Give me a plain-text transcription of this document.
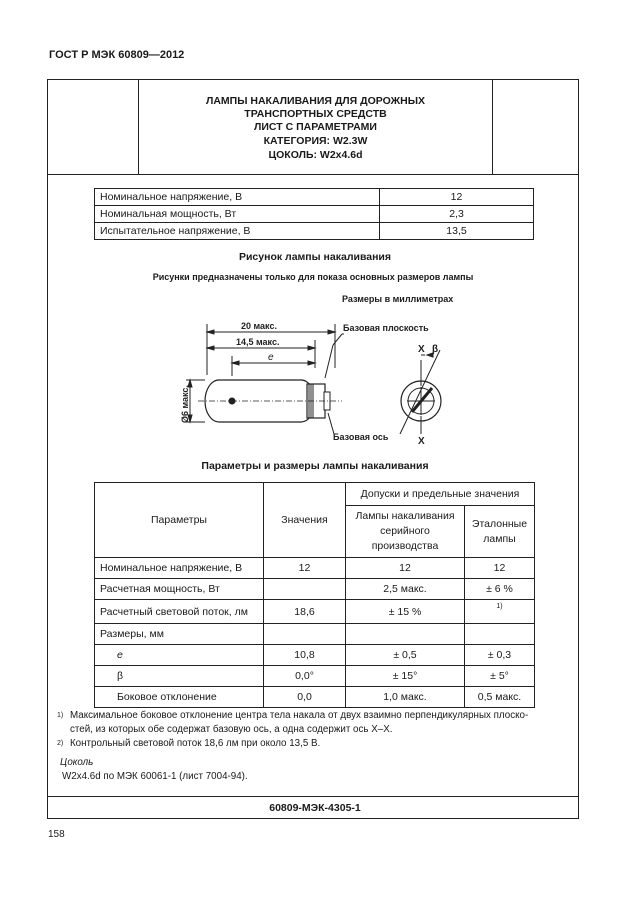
ГОСТ Р МЭК 60809—2012
ЛАМПЫ НАКАЛИВАНИЯ ДЛЯ ДОРОЖНЫХ
ТРАНСПОРТНЫХ СРЕДСТВ
ЛИСТ С ПАРАМЕТРАМИ
КАТЕГОРИЯ: W2.3W
ЦОКОЛЬ: W2x4.6d
Номинальное напряжение, В	12
Номинальная мощность, Вт	2,3
Испытательное напряжение, В	13,5
Рисунок лампы накаливания
Рисунки предназначены только для показа основных размеров лампы
Размеры в миллиметрах
20 макс.
14,5 макс.
e
Ø6 макс.
Базовая плоскость
Базовая ось
X
X
β
Параметры и размеры лампы накаливания
Параметры	Значения	Допуски и предельные значения	
		Лампы накаливания серийного производства	Эталонные лампы
Номинальное напряжение, В	12	12	12
Расчетная мощность, Вт		2,5 макс.	± 6 %
Расчетный световой поток, лм	18,6	± 15 %	1)
Размеры, мм			
e	10,8	± 0,5	± 0,3
β	0,0°	± 15°	± 5°
Боковое отклонение	0,0	1,0 макс.	0,5 макс.
$^{1)}$ Максимальное боковое отклонение центра тела накала от двух взаимно перпендикулярных плоско-
стей, из которых обе содержат базовую ось, а одна содержит ось X–X.
$^{2)}$ Контрольный световой поток 18,6 лм при около 13,5 В.
Цоколь
W2x4.6d по МЭК 60061-1 (лист 7004-94).
60809-МЭК-4305-1
158
